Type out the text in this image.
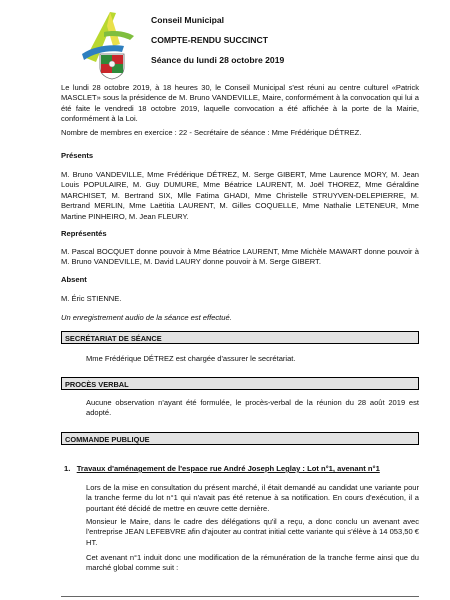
Conseil Municipal
COMPTE-RENDU SUCCINCT
Séance du lundi 28 octobre 2019
Le lundi 28 octobre 2019, à 18 heures 30, le Conseil Municipal s'est réuni au centre culturel «Patrick MASCLET» sous la présidence de M. Bruno VANDEVILLE, Maire, conformément à la convocation qui lui a été faite le vendredi 18 octobre 2019, laquelle convocation a été affichée à la porte de la Mairie, conformément à la Loi.
Nombre de membres en exercice : 22 - Secrétaire de séance : Mme Frédérique DÉTREZ.
Présents
M. Bruno VANDEVILLE, Mme Frédérique DÉTREZ, M. Serge GIBERT, Mme Laurence MORY, M. Jean Louis POPULAIRE, M. Guy DUMURE, Mme Béatrice LAURENT, M. Joël THOREZ, Mme Géraldine MARCHISET, M. Bertrand SIX, Mlle Fatima GHADI, Mme Christelle STRUYVEN-DELEPIERRE, M. Bertrand MERLIN, Mme Laëtitia LAURENT, M. Gilles COQUELLE, Mme Nathalie LETENEUR, Mme Martine PINHEIRO, M. Jean FLEURY.
Représentés
M. Pascal BOCQUET donne pouvoir à Mme Béatrice LAURENT, Mme Michèle MAWART donne pouvoir à M. Bruno VANDEVILLE, M. David LAURY donne pouvoir à M. Serge GIBERT.
Absent
M. Éric STIENNE.
Un enregistrement audio de la séance est effectué.
SECRÉTARIAT DE SÉANCE
Mme Frédérique DÉTREZ est chargée d'assurer le secrétariat.
PROCÈS VERBAL
Aucune observation n'ayant été formulée, le procès-verbal de la réunion du 28 août 2019 est adopté.
COMMANDE PUBLIQUE
1. Travaux d'aménagement de l'espace rue André Joseph Leglay : Lot n°1, avenant n°1
Lors de la mise en consultation du présent marché, il était demandé au candidat une variante pour la tranche ferme du lot n°1 qui n'avait pas été retenue à sa notification. En cours d'exécution, il a pourtant été décidé de mettre en œuvre cette dernière.
Monsieur le Maire, dans le cadre des délégations qu'il a reçu, a donc conclu un avenant avec l'entreprise JEAN LEFEBVRE afin d'ajouter au contrat initial cette variante qui s'élève à 14 053,50 € HT.
Cet avenant n°1 induit donc une modification de la rémunération de la tranche ferme ainsi que du marché global comme suit :
